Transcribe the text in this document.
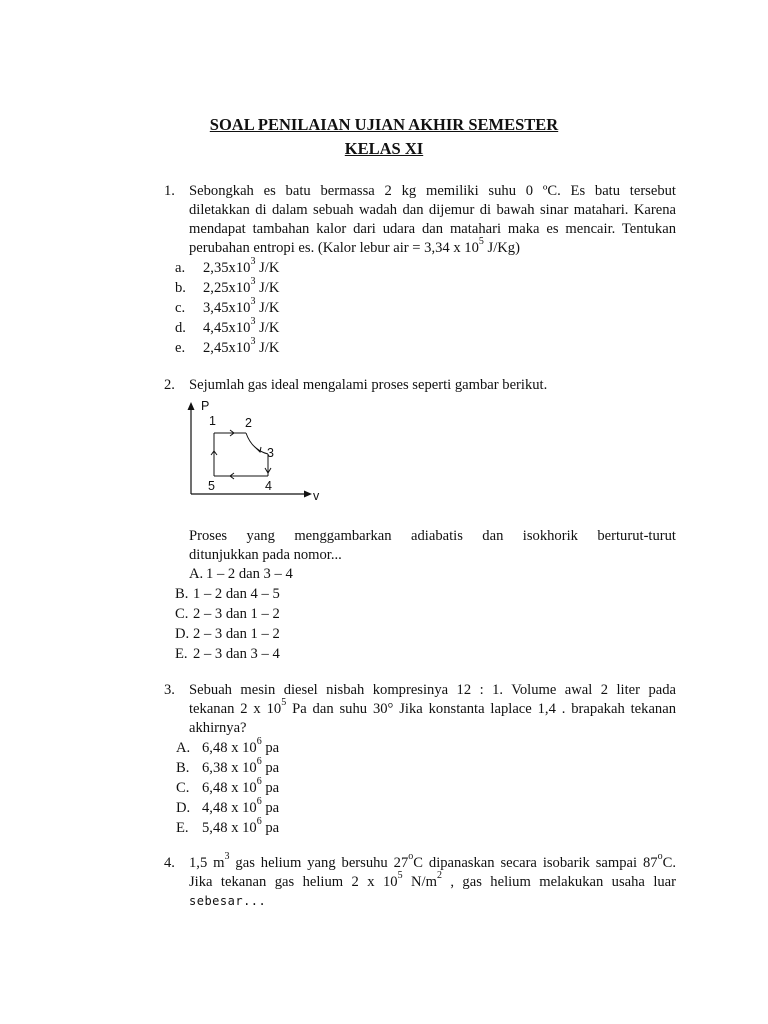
SOAL PENILAIAN UJIAN AKHIR SEMESTER
KELAS XI
1. Sebongkah es batu bermassa 2 kg memiliki suhu 0 ºC. Es batu tersebut
diletakkan di dalam sebuah wadah dan dijemur di bawah sinar matahari. Karena
mendapat tambahan kalor dari udara dan matahari maka es mencair. Tentukan
perubahan entropi es. (Kalor lebur air = 3,34 x $10^5$ J/Kg)
a.	$2,35x10^3$ J/K
b.	$2,25x10^3$ J/K
c.	$3,45x10^3$ J/K
d.	$4,45x10^3$ J/K
e.	$2,45x10^3$ J/K
2. Sejumlah gas ideal mengalami proses seperti gambar berikut.
P
v
1 2
3
4
5
Proses yang menggambarkan adiabatis dan isokhorik berturut-turut
ditunjukkan pada nomor...
A. 1 – 2 dan 3 – 4
B. 1 – 2 dan 4 – 5
C. 2 – 3 dan 1 – 2
D. 2 – 3 dan 1 – 2
E. 2 – 3 dan 3 – 4
3. Sebuah mesin diesel nisbah kompresinya 12 : 1. Volume awal 2 liter pada
tekanan 2 x $10^5$ Pa dan suhu 30° Jika konstanta laplace 1,4 . brapakah tekanan
akhirnya?
A. 6,48 x $10^6$ pa
B. 6,38 x $10^6$ pa
C. 6,48 x $10^6$ pa
D. 4,48 x $10^6$ pa
E. 5,48 x $10^6$ pa
4. 1,5 $m^3$ gas helium yang bersuhu 27$^o$C dipanaskan secara isobarik sampai 87$^o$C.
Jika tekanan gas helium 2 x $10^5$ $N/m^2$ , gas helium melakukan usaha luar
sebesar...
